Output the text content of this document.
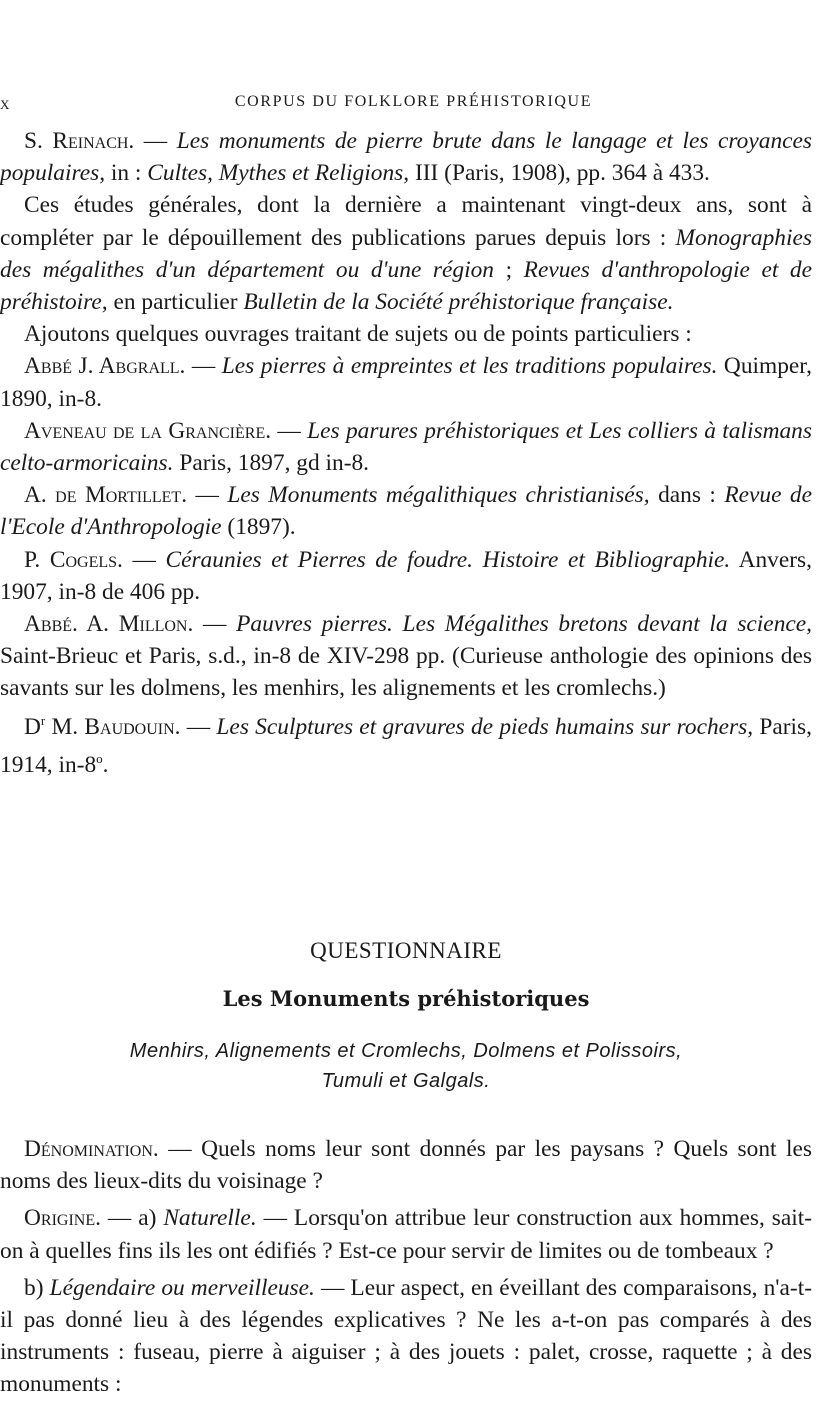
x	CORPUS DU FOLKLORE PRÉHISTORIQUE

S. Reinach. — Les monuments de pierre brute dans le langage et les croyances populaires, in : Cultes, Mythes et Religions, III (Paris, 1908), pp. 364 à 433.

Ces études générales, dont la dernière a maintenant vingt-deux ans, sont à compléter par le dépouillement des publications parues depuis lors : Monographies des mégalithes d'un département ou d'une région ; Revues d'anthropologie et de préhistoire, en particulier Bulletin de la Société préhistorique française.

Ajoutons quelques ouvrages traitant de sujets ou de points particuliers :

Abbé J. Abgrall. — Les pierres à empreintes et les traditions populaires. Quimper, 1890, in-8.

Aveneau de la Grancière. — Les parures préhistoriques et Les colliers à talismans celto-armoricains. Paris, 1897, gd in-8.

A. de Mortillet. — Les Monuments mégalithiques christianisés, dans : Revue de l'Ecole d'Anthropologie (1897).

P. Cogels. — Céraunies et Pierres de foudre. Histoire et Bibliographie. Anvers, 1907, in-8 de 406 pp.

Abbé. A. Millon. — Pauvres pierres. Les Mégalithes bretons devant la science, Saint-Brieuc et Paris, s.d., in-8 de XIV-298 pp. (Curieuse anthologie des opinions des savants sur les dolmens, les menhirs, les alignements et les cromlechs.)

$D^r$ M. Baudouin. — Les Sculptures et gravures de pieds humains sur rochers, Paris, 1914, in-8$^o$.

QUESTIONNAIRE
Les Monuments préhistoriques
Menhirs, Alignements et Cromlechs, Dolmens et Polissoirs,
Tumuli et Galgals.

Dénomination. — Quels noms leur sont donnés par les paysans ? Quels sont les noms des lieux-dits du voisinage ?

Origine. — a) Naturelle. — Lorsqu'on attribue leur construction aux hommes, sait-on à quelles fins ils les ont édifiés ? Est-ce pour servir de limites ou de tombeaux ?

b) Légendaire ou merveilleuse. — Leur aspect, en éveillant des comparaisons, n'a-t-il pas donné lieu à des légendes explicatives ? Ne les a-t-on pas comparés à des instruments : fuseau, pierre à aiguiser ; à des jouets : palet, crosse, raquette ; à des monuments :
